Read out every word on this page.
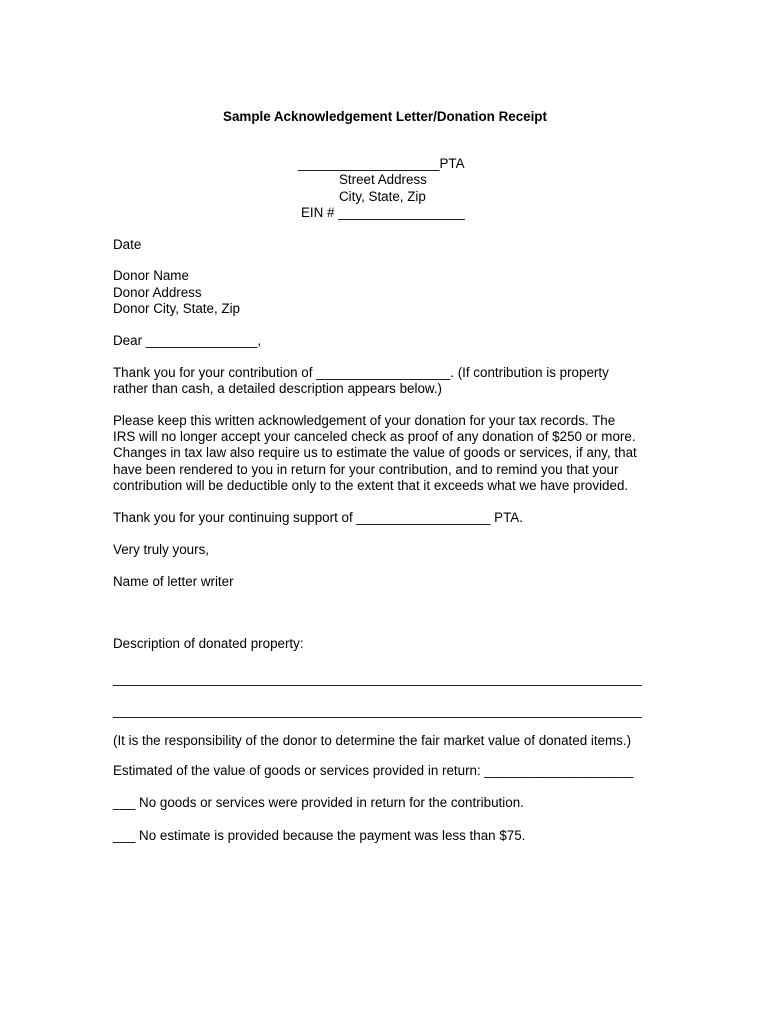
Sample Acknowledgement Letter/Donation Receipt

___________________PTA

Street Address

City, State, Zip

EIN # _________________

Date

Donor Name

Donor Address

Donor City, State, Zip

Dear _______________,

Thank you for your contribution of __________________. (If contribution is property

rather than cash, a detailed description appears below.)

Please keep this written acknowledgement of your donation for your tax records. The

IRS will no longer accept your canceled check as proof of any donation of $250 or more.

Changes in tax law also require us to estimate the value of goods or services, if any, that

have been rendered to you in return for your contribution, and to remind you that your

contribution will be deductible only to the extent that it exceeds what we have provided.

Thank you for your continuing support of __________________ PTA.

Very truly yours,

Name of letter writer

Description of donated property:

_______________________________________________________________________

_______________________________________________________________________

(It is the responsibility of the donor to determine the fair market value of donated items.)

Estimated of the value of goods or services provided in return: ____________________

___ No goods or services were provided in return for the contribution.

___ No estimate is provided because the payment was less than $75.
